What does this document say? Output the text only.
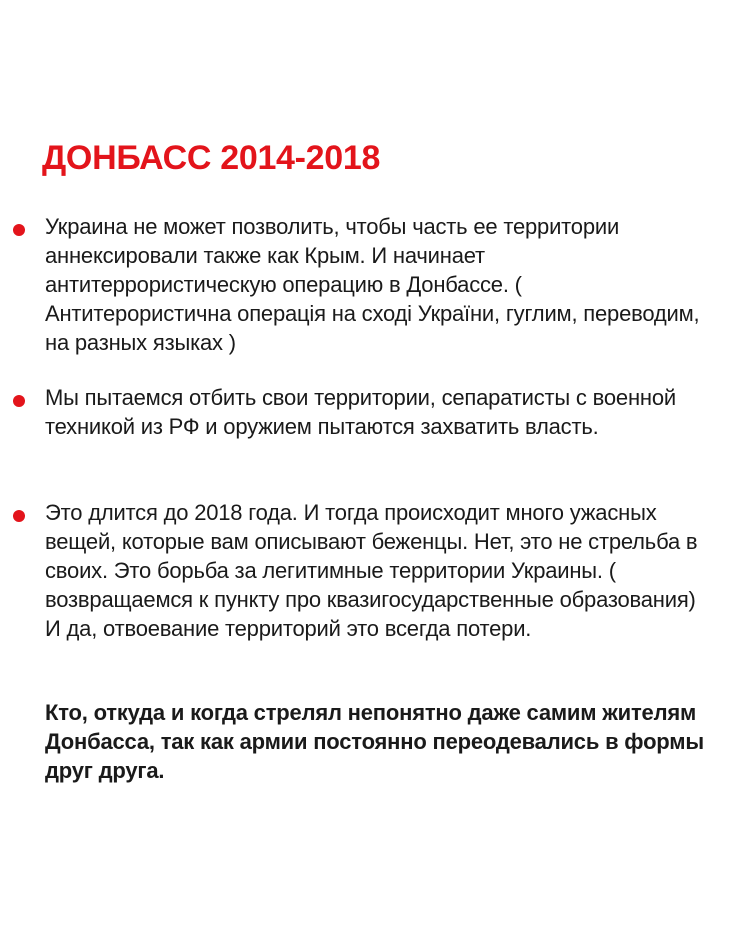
ДОНБАСС 2014-2018

Украина не может позволить, чтобы часть ее территории аннексировали также как Крым. И начинает антитеррористическую операцию в Донбассе. ( Антитерористична операція на сході України, гуглим, переводим, на разных языках )

Мы пытаемся отбить свои территории, сепаратисты с военной техникой из РФ и оружием пытаются захватить власть.

Это длится до 2018 года. И тогда происходит много ужасных вещей, которые вам описывают беженцы. Нет, это не стрельба в своих. Это борьба за легитимные территории Украины. ( возвращаемся к пункту про квазигосударственные образования) И да, отвоевание территорий это всегда потери.

Кто, откуда и когда стрелял непонятно даже самим жителям Донбасса, так как армии постоянно переодевались в формы друг друга.
